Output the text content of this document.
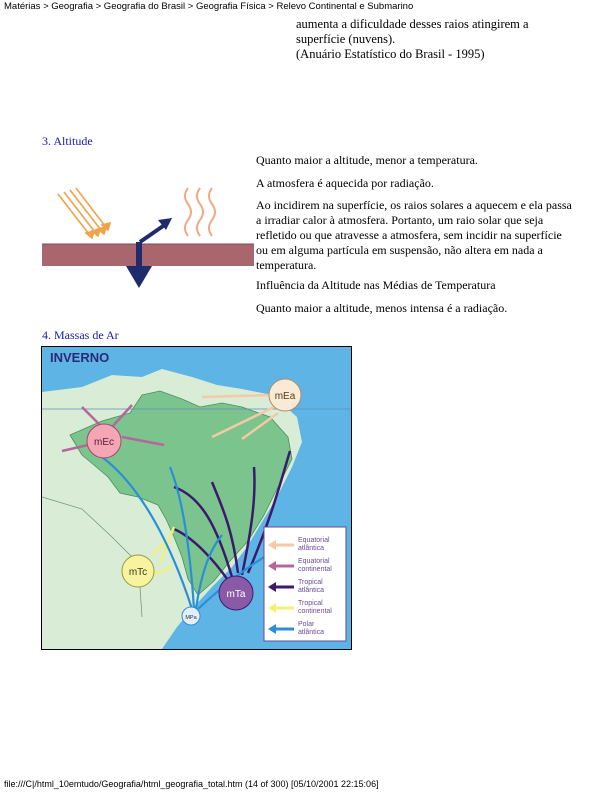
Matérias > Geografia > Geografia do Brasil > Geografia Física > Relevo Continental e Submarino
aumenta a dificuldade desses raios atingirem a
superfície (nuvens).
(Anuário Estatístico do Brasil - 1995)
3. Altitude
Quanto maior a altitude, menor a temperatura.
A atmosfera é aquecida por radiação.
Ao incidirem na superfície, os raios solares a aquecem e ela passa a irradiar calor à atmosfera. Portanto, um raio solar que seja refletido ou que atravesse a atmosfera, sem incidir na superfície ou em alguma partícula em suspensão, não altera em nada a temperatura.
Influência da Altitude nas Médias de Temperatura
Quanto maior a altitude, menos intensa é a radiação.
4. Massas de Ar
INVERNO
mEa
mEc
mTc
mTa
MPa
Equatorial
atlântica
Equatorial
continental
Tropical
atlântica
Tropical
continental
Polar
atlântica
file:///C|/html_10emtudo/Geografia/html_geografia_total.htm (14 of 300) [05/10/2001 22:15:06]
